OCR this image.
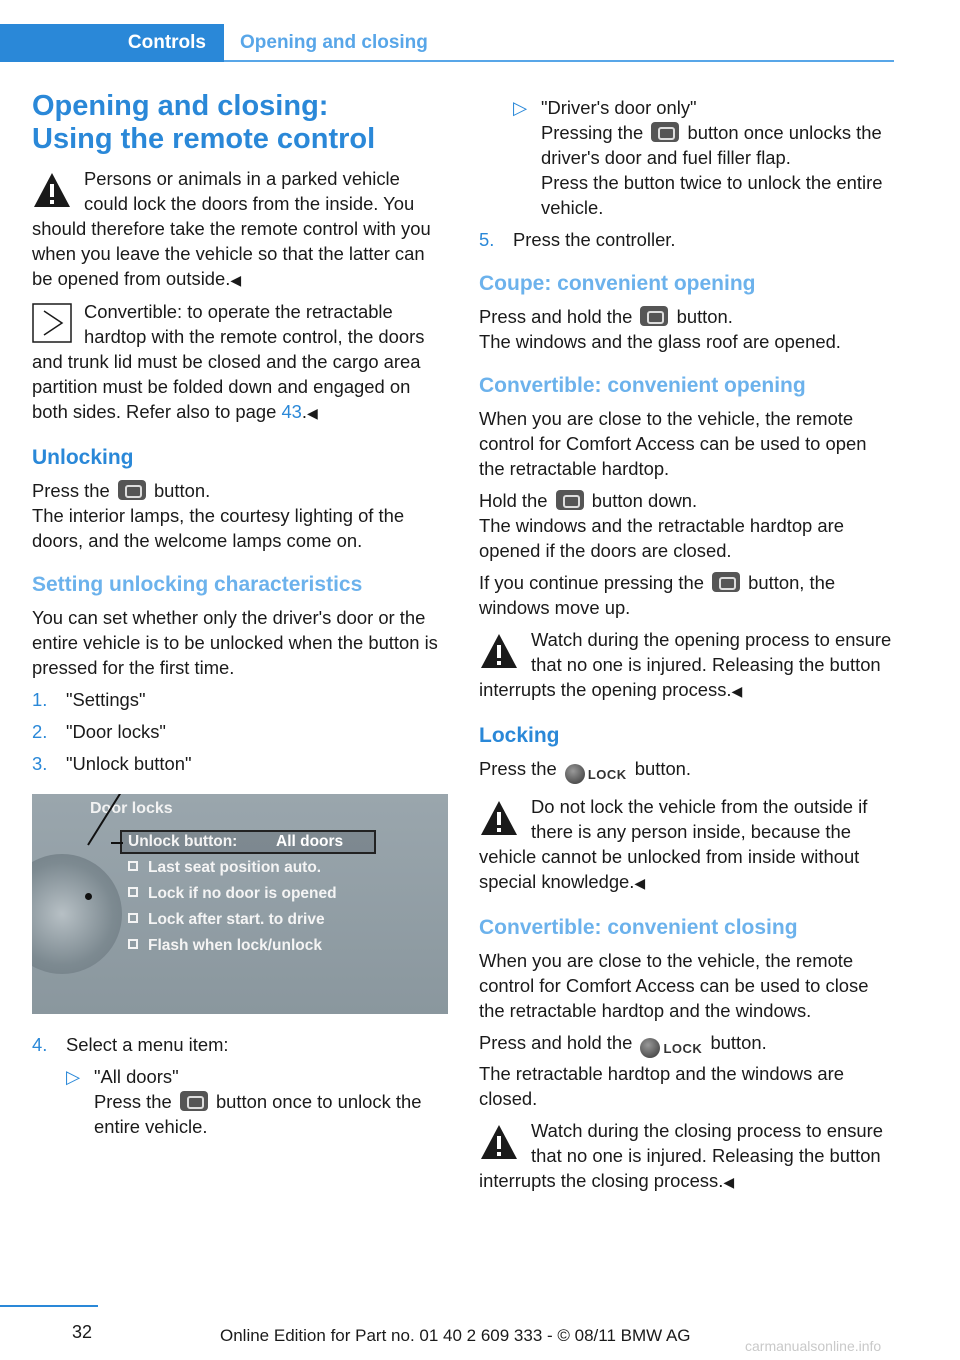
Controls Opening and closing
Opening and closing:
Using the remote control

Persons or animals in a parked vehicle could lock the doors from the inside. You should therefore take the remote control with you when you leave the vehicle so that the latter can be opened from outside.◀

Convertible: to operate the retractable hardtop with the remote control, the doors and trunk lid must be closed and the cargo area partition must be folded down and engaged on both sides. Refer also to page 43.◀

Unlocking

Press the button.
The interior lamps, the courtesy lighting of the doors, and the welcome lamps come on.

Setting unlocking characteristics

You can set whether only the driver's door or the entire vehicle is to be unlocked when the button is pressed for the first time.

1. "Settings"
2. "Door locks"
3. "Unlock button"
Door locks
Unlock button: All doors
Last seat position auto.
Lock if no door is opened
Lock after start. to drive
Flash when lock/unlock
4. Select a menu item:
▷ "All doors"
Press the button once to unlock the entire vehicle.
▷ "Driver's door only"
Pressing the button once unlocks the driver's door and fuel filler flap.
Press the button twice to unlock the entire vehicle.
5. Press the controller.
Coupe: convenient opening

Press and hold the button.
The windows and the glass roof are opened.

Convertible: convenient opening

When you are close to the vehicle, the remote control for Comfort Access can be used to open the retractable hardtop.

Hold the button down.
The windows and the retractable hardtop are opened if the doors are closed.

If you continue pressing the button, the windows move up.

Watch during the opening process to ensure that no one is injured. Releasing the button interrupts the opening process.◀

Locking

Press the LOCK button.

Do not lock the vehicle from the outside if there is any person inside, because the vehicle cannot be unlocked from inside without special knowledge.◀

Convertible: convenient closing

When you are close to the vehicle, the remote control for Comfort Access can be used to close the retractable hardtop and the windows.

Press and hold the LOCK button.
The retractable hardtop and the windows are closed.

Watch during the closing process to ensure that no one is injured. Releasing the button interrupts the closing process.◀

32	Online Edition for Part no. 01 40 2 609 333 - © 08/11 BMW AG
carmanualsonline.info
